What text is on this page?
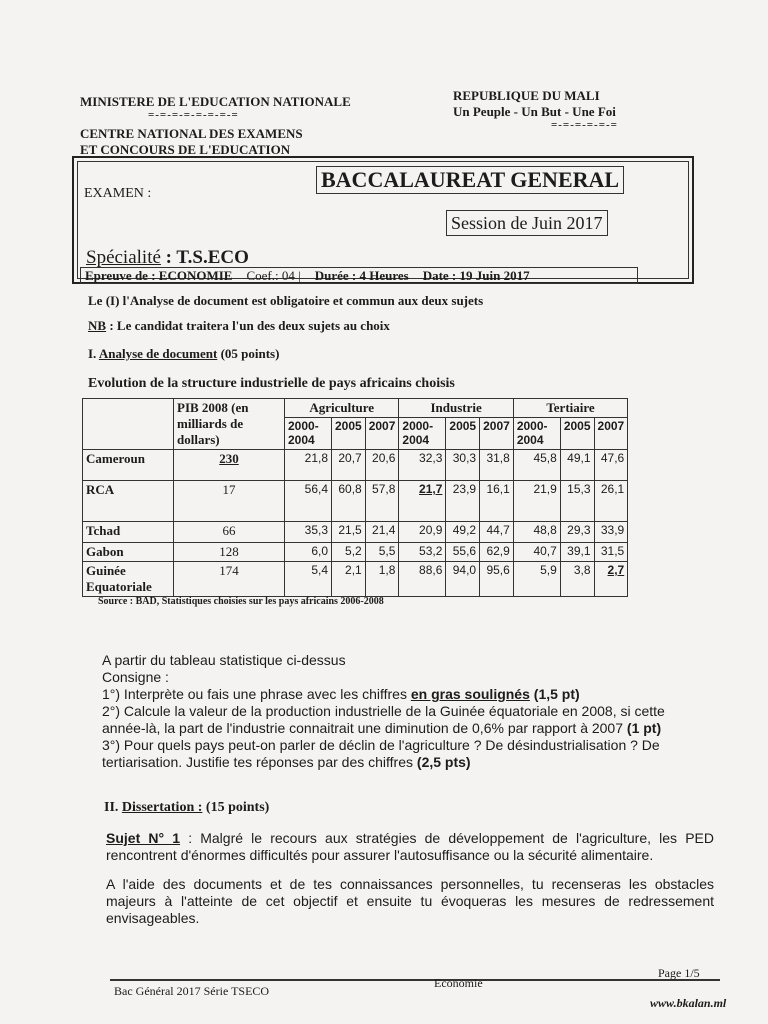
MINISTERE DE L'EDUCATION NATIONALE
=-=-=-=-=-=-=-=
CENTRE NATIONAL DES EXAMENS
ET CONCOURS DE L'EDUCATION
REPUBLIQUE DU MALI
Un Peuple - Un But - Une Foi
=-=-=-=-=-=
EXAMEN :
BACCALAUREAT GENERAL
Session de Juin 2017
Spécialité : T.S.ECO
Epreuve de : ECONOMIE Coef.: 04 | Durée : 4 Heures Date : 19 Juin 2017
Le (I) l'Analyse de document est obligatoire et commun aux deux sujets
NB : Le candidat traitera l'un des deux sujets au choix
I. Analyse de document (05 points)
Evolution de la structure industrielle de pays africains choisis
	PIB 2008 (en milliards de dollars)	Agriculture			Industrie			Tertiaire		
		2000-2004	2005	2007	2000-2004	2005	2007	2000-2004	2005	2007
Cameroun	230	21,8	20,7	20,6	32,3	30,3	31,8	45,8	49,1	47,6
RCA	17	56,4	60,8	57,8	21,7	23,9	16,1	21,9	15,3	26,1
Tchad	66	35,3	21,5	21,4	20,9	49,2	44,7	48,8	29,3	33,9
Gabon	128	6,0	5,2	5,5	53,2	55,6	62,9	40,7	39,1	31,5
Guinée Equatoriale	174	5,4	2,1	1,8	88,6	94,0	95,6	5,9	3,8	2,7
Source : BAD, Statistiques choisies sur les pays africains 2006-2008
A partir du tableau statistique ci-dessus
Consigne :
1°) Interprète ou fais une phrase avec les chiffres en gras soulignés (1,5 pt)
2°) Calcule la valeur de la production industrielle de la Guinée équatoriale en 2008, si cette année-là, la part de l'industrie connaitrait une diminution de 0,6% par rapport à 2007 (1 pt)
3°) Pour quels pays peut-on parler de déclin de l'agriculture ? De désindustrialisation ? De tertiarisation. Justifie tes réponses par des chiffres (2,5 pts)
II. Dissertation : (15 points)
Sujet N° 1 : Malgré le recours aux stratégies de développement de l'agriculture, les PED rencontrent d'énormes difficultés pour assurer l'autosuffisance ou la sécurité alimentaire.
A l'aide des documents et de tes connaissances personnelles, tu recenseras les obstacles majeurs à l'atteinte de cet objectif et ensuite tu évoqueras les mesures de redressement envisageables.
Bac Général 2017 Série TSECO
Economie
Page 1/5
www.bkalan.ml
